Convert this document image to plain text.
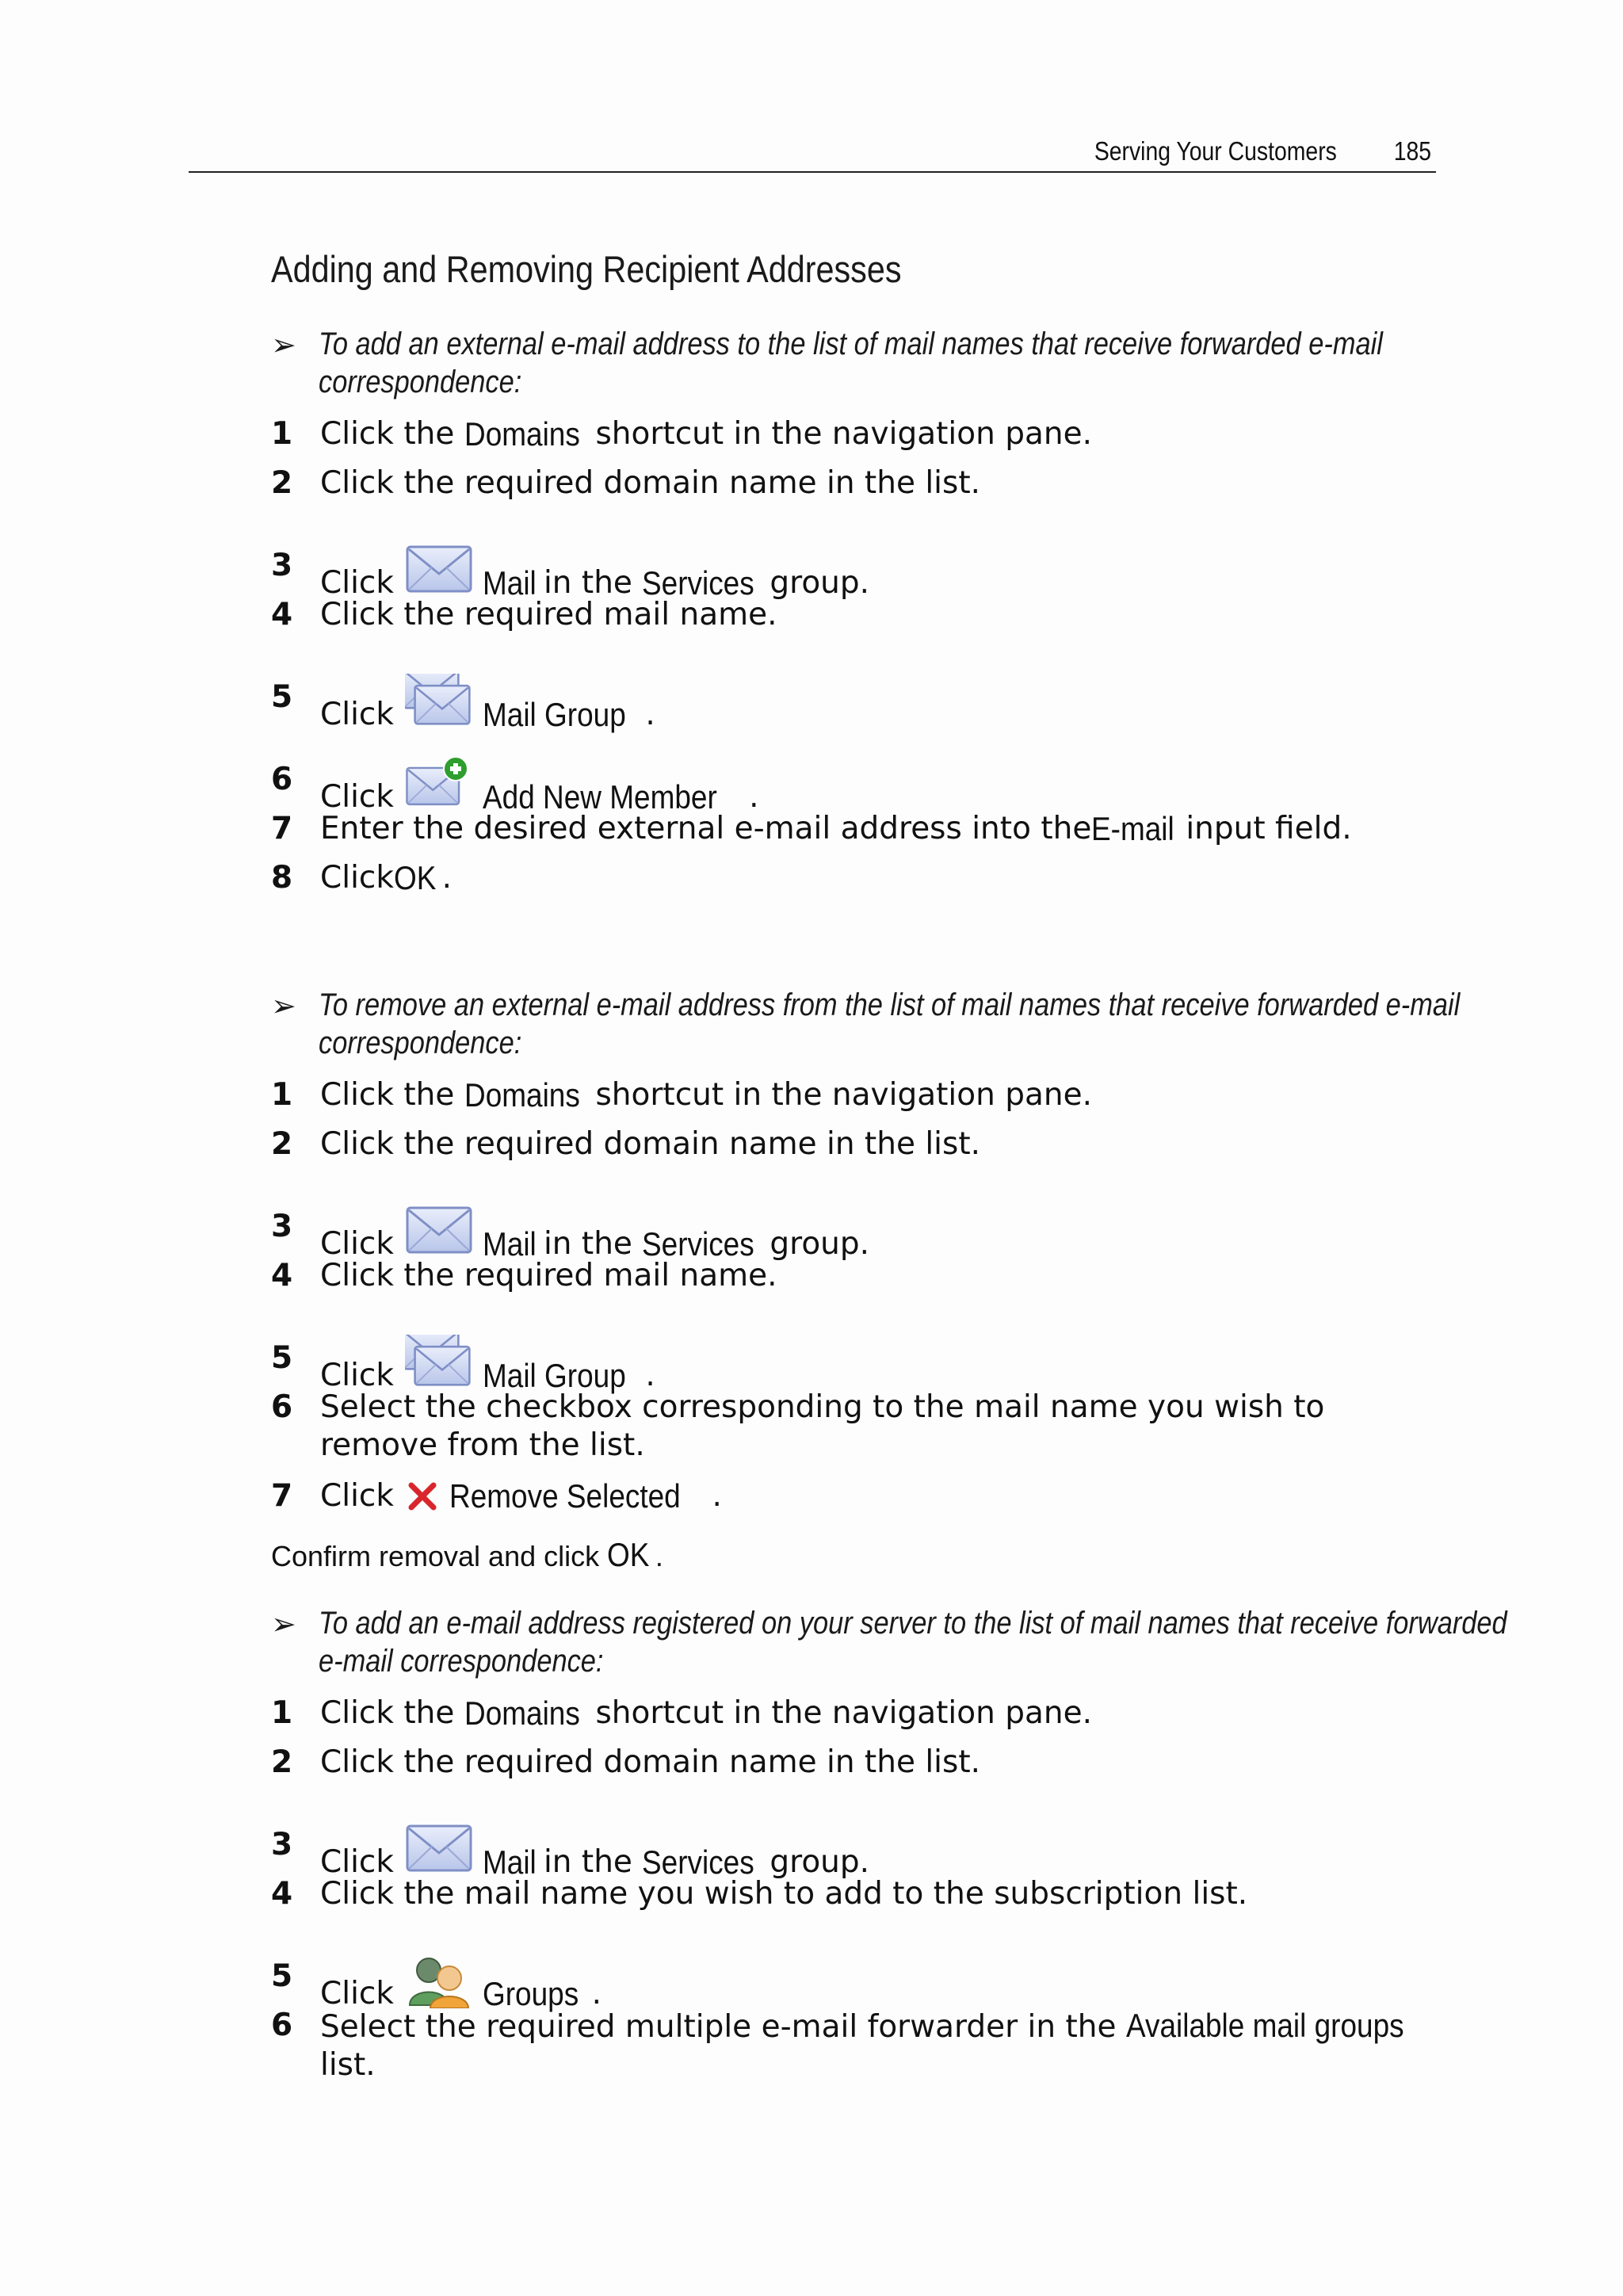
Serving Your Customers 185
Adding and Removing Recipient Addresses
➢ To add an external e-mail address to the list of mail names that receive forwarded e-mail correspondence:
1 Click the
Domains shortcut in the navigation pane.
2 Click the required domain name in the list.
3 Click	Mail in the
Services group.
4 Click the required mail name.
5 Click	Mail Group .
6 Click	Add New Member .
7 Enter the desired external e-mail address into the E-mail input field.
8 Click OK .
➢ To remove an external e-mail address from the list of mail names that receive forwarded e-mail correspondence:
1 Click the
Domains shortcut in the navigation pane.
2 Click the required domain name in the list.
3 Click	Mail in the
Services group.
4 Click the required mail name.
5 Click	Mail Group .
6 Select the checkbox corresponding to the mail name you wish to remove from the list.
7 Click Remove Selected .
Confirm removal and click OK .
➢ To add an e-mail address registered on your server to the list of mail names that receive forwarded e-mail correspondence:
1 Click the
Domains shortcut in the navigation pane.
2 Click the required domain name in the list.
3 Click	Mail in the
Services group.
4 Click the mail name you wish to add to the subscription list.
5 Click	Groups .
6 Select the required multiple e-mail forwarder in the Available mail groups list.
